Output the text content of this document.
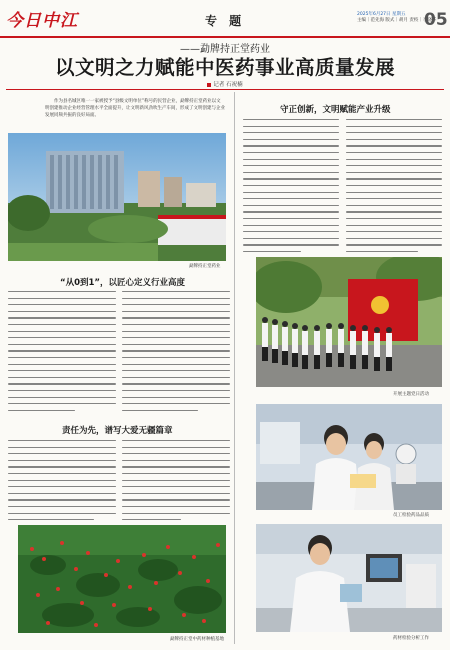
今日中江	专 题	2025年6月27日 星期五
主编｜范先海 版式｜胡月 责校｜李晓华
05
——勐牌持正堂药业
以文明之力赋能中医药事业高质量发展
记者 石祝楠
作为县名城区唯一一家被授予“县级文明单位”称号的民营企业，勐牌持正堂药业以文明创建推动企业经营管理水平全面提升，让文明新风劲吹生产车间，形成了文明创建与企业发展同频共振的良好局面。
勐牌持正堂药业
“从0到1”，以匠心定义行业高度
责任为先，谱写大爱无疆篇章
勐牌持正堂中药材种植基地
守正创新，文明赋能产业升级
开展主题党日活动
员工检验药品品质
药材检验分析工作
